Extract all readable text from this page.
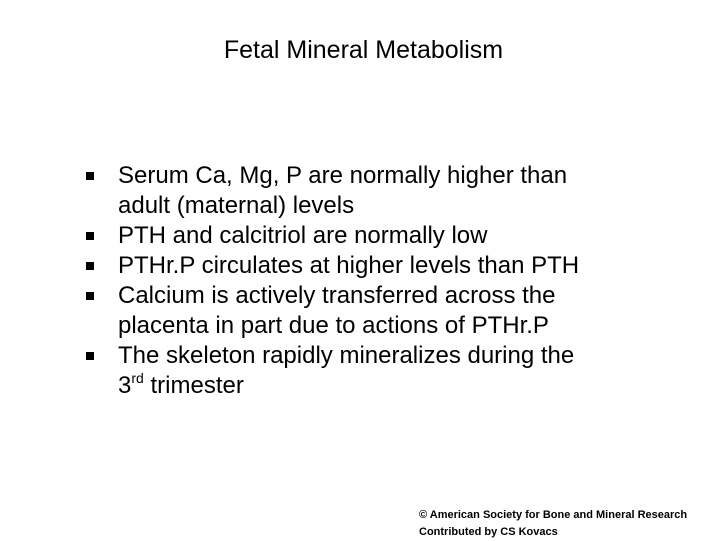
Fetal Mineral Metabolism
Serum Ca, Mg, P are normally higher than
adult (maternal) levels
PTH and calcitriol are normally low
PTHr.P circulates at higher levels than PTH
Calcium is actively transferred across the
placenta in part due to actions of PTHr.P
The skeleton rapidly mineralizes during the
3rd trimester
© American Society for Bone and Mineral Research
Contributed by CS Kovacs
